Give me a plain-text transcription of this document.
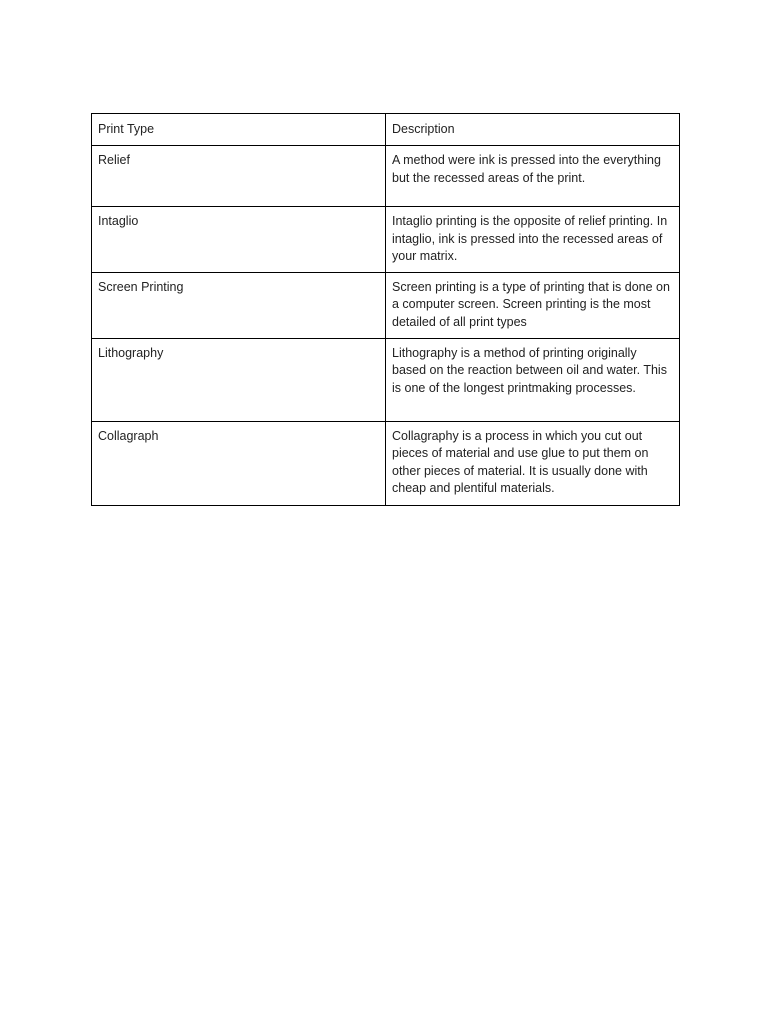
Print Type	Description
Relief	A method were ink is pressed into the everything but the recessed areas of the print.
Intaglio	Intaglio printing is the opposite of relief printing. In intaglio, ink is pressed into the recessed areas of your matrix.
Screen Printing	Screen printing is a type of printing that is done on a computer screen. Screen printing is the most detailed of all print types
Lithography	Lithography is a method of printing originally based on the reaction between oil and water. This is one of the longest printmaking processes.
Collagraph	Collagraphy is a process in which you cut out pieces of material and use glue to put them on other pieces of material. It is usually done with cheap and plentiful materials.
